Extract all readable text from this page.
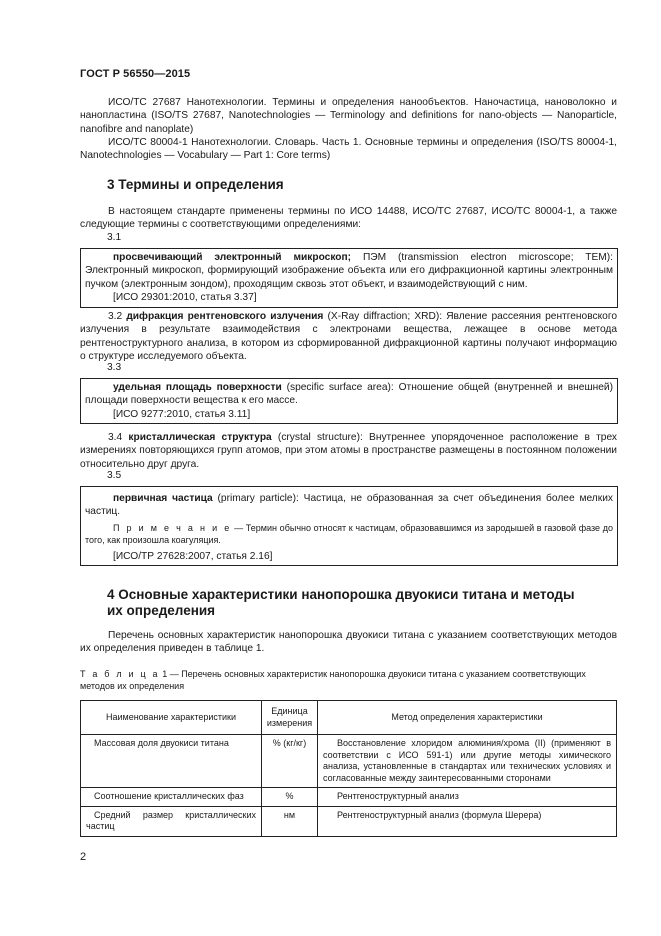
ГОСТ Р 56550—2015
ИСО/ТС 27687 Нанотехнологии. Термины и определения нанообъектов. Наночастица, нановолокно и нанопластина (ISO/TS 27687, Nanotechnologies — Terminology and definitions for nano-objects — Nanoparticle, nanofibre and nanoplate)
ИСО/ТС 80004-1 Нанотехнологии. Словарь. Часть 1. Основные термины и определения (ISO/TS 80004-1, Nanotechnologies — Vocabulary — Part 1: Core terms)
3 Термины и определения
В настоящем стандарте применены термины по ИСО 14488, ИСО/ТС 27687, ИСО/ТС 80004-1, а также следующие термины с соответствующими определениями:
3.1
просвечивающий электронный микроскоп; ПЭМ (transmission electron microscope; TEM): Электронный микроскоп, формирующий изображение объекта или его дифракционной картины электронным пучком (электронным зондом), проходящим сквозь этот объект, и взаимодействующий с ним.
[ИСО 29301:2010, статья 3.37]
3.2 дифракция рентгеновского излучения (X-Ray diffraction; XRD): Явление рассеяния рентгеновского излучения в результате взаимодействия с электронами вещества, лежащее в основе метода рентгеноструктурного анализа, в котором из сформированной дифракционной картины получают информацию о структуре исследуемого объекта.
3.3
удельная площадь поверхности (specific surface area): Отношение общей (внутренней и внешней) площади поверхности вещества к его массе.
[ИСО 9277:2010, статья 3.11]
3.4 кристаллическая структура (crystal structure): Внутреннее упорядоченное расположение в трех измерениях повторяющихся групп атомов, при этом атомы в пространстве размещены в постоянном положении относительно друг друга.
3.5
первичная частица (primary particle): Частица, не образованная за счет объединения более мелких частиц.
П р и м е ч а н и е — Термин обычно относят к частицам, образовавшимся из зародышей в газовой фазе до того, как произошла коагуляция.
[ИСО/ТР 27628:2007, статья 2.16]
4 Основные характеристики нанопорошка двуокиси титана и методы их определения
Перечень основных характеристик нанопорошка двуокиси титана с указанием соответствующих методов их определения приведен в таблице 1.
Т а б л и ц а 1 — Перечень основных характеристик нанопорошка двуокиси титана с указанием соответствующих методов их определения
Наименование характеристики	Единица измерения	Метод определения характеристики
Массовая доля двуокиси титана	% (кг/кг)	Восстановление хлоридом алюминия/хрома (II) (применяют в соответствии с ИСО 591-1) или другие методы химического анализа, установленные в стандартах или технических условиях и согласованные между заинтересованными сторонами
Соотношение кристаллических фаз	%	Рентгеноструктурный анализ
Средний размер кристаллических частиц	нм	Рентгеноструктурный анализ (формула Шерера)
2
